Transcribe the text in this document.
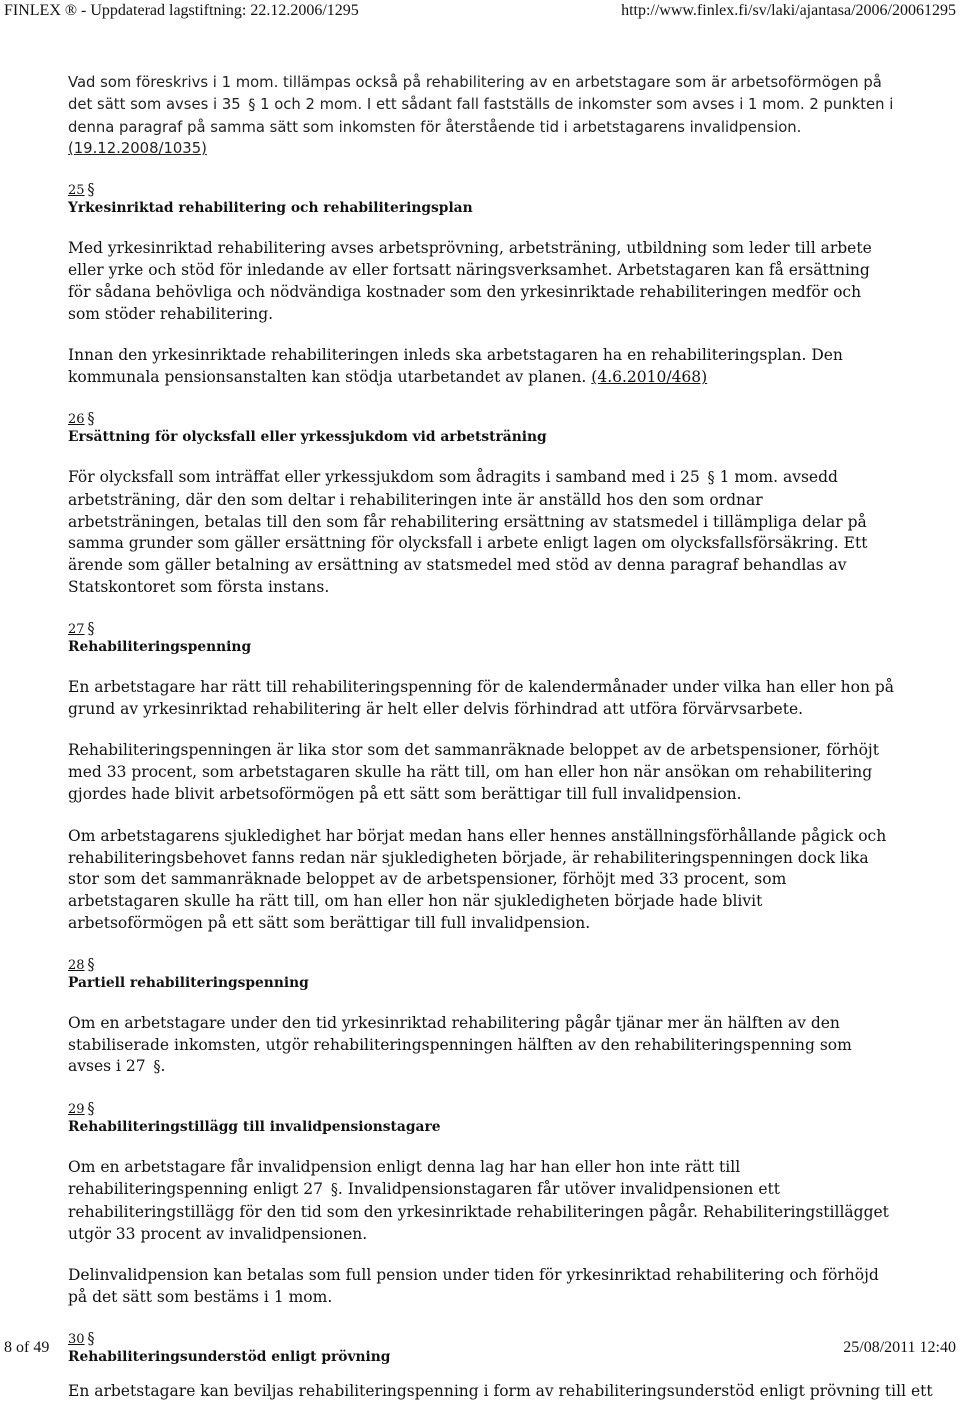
FINLEX ® - Uppdaterad lagstiftning: 22.12.2006/1295	http://www.finlex.fi/sv/laki/ajantasa/2006/20061295

Vad som föreskrivs i 1 mom. tillämpas också på rehabilitering av en arbetstagare som är arbetsoförmögen på det sätt som avses i 35 § 1 och 2 mom. I ett sådant fall fastställs de inkomster som avses i 1 mom. 2 punkten i denna paragraf på samma sätt som inkomsten för återstående tid i arbetstagarens invalidpension. (19.12.2008/1035)

25 §

Yrkesinriktad rehabilitering och rehabiliteringsplan

Med yrkesinriktad rehabilitering avses arbetsprövning, arbetsträning, utbildning som leder till arbete eller yrke och stöd för inledande av eller fortsatt näringsverksamhet. Arbetstagaren kan få ersättning för sådana behövliga och nödvändiga kostnader som den yrkesinriktade rehabiliteringen medför och som stöder rehabilitering.

Innan den yrkesinriktade rehabiliteringen inleds ska arbetstagaren ha en rehabiliteringsplan. Den kommunala pensionsanstalten kan stödja utarbetandet av planen. (4.6.2010/468)

26 §

Ersättning för olycksfall eller yrkessjukdom vid arbetsträning

För olycksfall som inträffat eller yrkessjukdom som ådragits i samband med i 25 § 1 mom. avsedd arbetsträning, där den som deltar i rehabiliteringen inte är anställd hos den som ordnar arbetsträningen, betalas till den som får rehabilitering ersättning av statsmedel i tillämpliga delar på samma grunder som gäller ersättning för olycksfall i arbete enligt lagen om olycksfallsförsäkring. Ett ärende som gäller betalning av ersättning av statsmedel med stöd av denna paragraf behandlas av Statskontoret som första instans.

27 §

Rehabiliteringspenning

En arbetstagare har rätt till rehabiliteringspenning för de kalendermånader under vilka han eller hon på grund av yrkesinriktad rehabilitering är helt eller delvis förhindrad att utföra förvärvsarbete.

Rehabiliteringspenningen är lika stor som det sammanräknade beloppet av de arbetspensioner, förhöjt med 33 procent, som arbetstagaren skulle ha rätt till, om han eller hon när ansökan om rehabilitering gjordes hade blivit arbetsoförmögen på ett sätt som berättigar till full invalidpension.

Om arbetstagarens sjukledighet har börjat medan hans eller hennes anställningsförhållande pågick och rehabiliteringsbehovet fanns redan när sjukledigheten började, är rehabiliteringspenningen dock lika stor som det sammanräknade beloppet av de arbetspensioner, förhöjt med 33 procent, som arbetstagaren skulle ha rätt till, om han eller hon när sjukledigheten började hade blivit arbetsoförmögen på ett sätt som berättigar till full invalidpension.

28 §

Partiell rehabiliteringspenning

Om en arbetstagare under den tid yrkesinriktad rehabilitering pågår tjänar mer än hälften av den stabiliserade inkomsten, utgör rehabiliteringspenningen hälften av den rehabiliteringspenning som avses i 27 §.

29 §

Rehabiliteringstillägg till invalidpensionstagare

Om en arbetstagare får invalidpension enligt denna lag har han eller hon inte rätt till rehabiliteringspenning enligt 27 §. Invalidpensionstagaren får utöver invalidpensionen ett rehabiliteringstillägg för den tid som den yrkesinriktade rehabiliteringen pågår. Rehabiliteringstillägget utgör 33 procent av invalidpensionen.

Delinvalidpension kan betalas som full pension under tiden för yrkesinriktad rehabilitering och förhöjd på det sätt som bestäms i 1 mom.

30 §

Rehabiliteringsunderstöd enligt prövning

En arbetstagare kan beviljas rehabiliteringspenning i form av rehabiliteringsunderstöd enligt prövning till ett

8 of 49	25/08/2011 12:40
